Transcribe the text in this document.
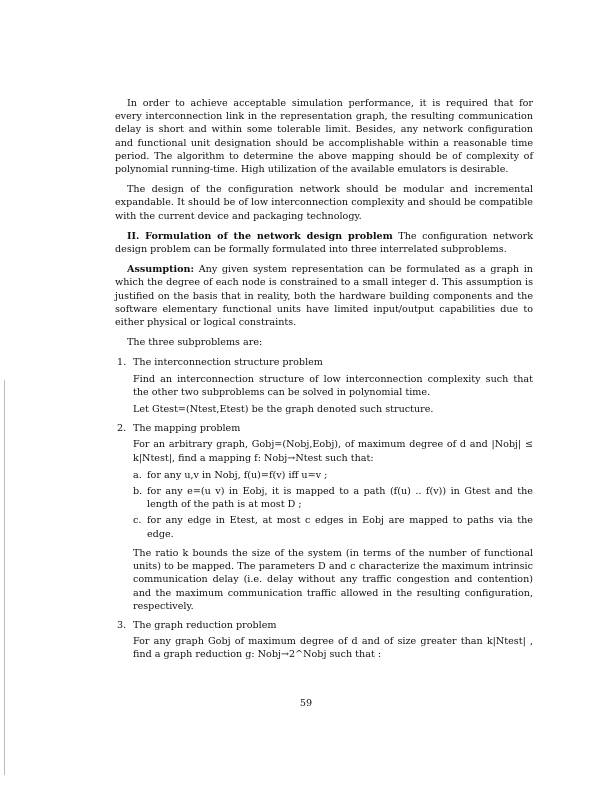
In order to achieve acceptable simulation performance, it is required that for every interconnection link in the representation graph, the resulting communication delay is short and within some tolerable limit. Besides, any network configuration and functional unit designation should be accomplishable within a reasonable time period. The algorithm to determine the above mapping should be of complexity of polynomial running-time. High utilization of the available emulators is desirable.

The design of the configuration network should be modular and incremental expandable. It should be of low interconnection complexity and should be compatible with the current device and packaging technology.

II. Formulation of the network design problem The configuration network design problem can be formally formulated into three interrelated subproblems.

Assumption: Any given system representation can be formulated as a graph in which the degree of each node is constrained to a small integer d. This assumption is justified on the basis that in reality, both the hardware building components and the software elementary functional units have limited input/output capabilities due to either physical or logical constraints.

The three subproblems are:

1. The interconnection structure problem
Find an interconnection structure of low interconnection complexity such that the other two subproblems can be solved in polynomial time.
Let Gtest=(Ntest,Etest) be the graph denoted such structure.
2. The mapping problem
For an arbitrary graph, Gobj=(Nobj,Eobj), of maximum degree of d and |Nobj| ≤ k|Ntest|, find a mapping f: Nobj→Ntest such that:
a. for any u,v in Nobj, f(u)=f(v) iff u=v ;
b. for any e=(u v) in Eobj, it is mapped to a path (f(u) .. f(v)) in Gtest and the length of the path is at most D ;
c. for any edge in Etest, at most c edges in Eobj are mapped to paths via the edge.
The ratio k bounds the size of the system (in terms of the number of functional units) to be mapped. The parameters D and c characterize the maximum intrinsic communication delay (i.e. delay without any traffic congestion and contention) and the maximum communication traffic allowed in the resulting configuration, respectively.
3. The graph reduction problem
For any graph Gobj of maximum degree of d and of size greater than k|Ntest| , find a graph reduction g: Nobj→2^Nobj such that :
59
